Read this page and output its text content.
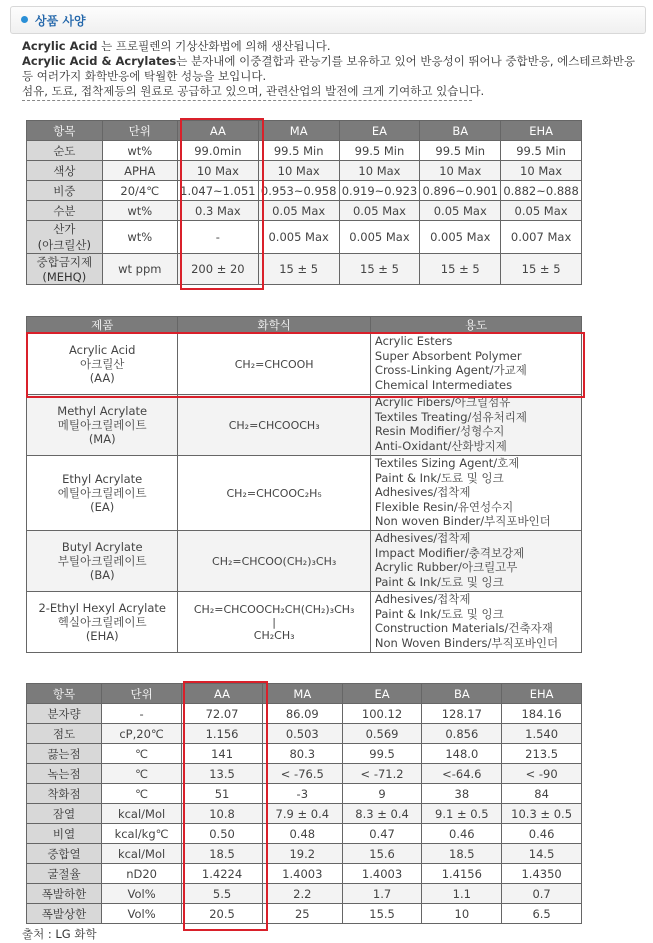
상품 사양

Acrylic Acid 는 프로필렌의 기상산화법에 의해 생산됩니다.

Acrylic Acid & Acrylates는 분자내에 이중결합과 관능기를 보유하고 있어 반응성이 뛰어나 중합반응, 에스테르화반응 등 여러가지 화학반응에 탁월한 성능을 보입니다.

섬유, 도료, 접착제등의 원료로 공급하고 있으며, 관련산업의 발전에 크게 기여하고 있습니다.

항목	단위	AA	MA	EA	BA	EHA
순도	wt%	99.0min	99.5 Min	99.5 Min	99.5 Min	99.5 Min
색상	APHA	10 Max	10 Max	10 Max	10 Max	10 Max
비중	20/4℃	1.047~1.051	0.953~0.958	0.919~0.923	0.896~0.901	0.882~0.888
수분	wt%	0.3 Max	0.05 Max	0.05 Max	0.05 Max	0.05 Max
산가
(아크릴산)	wt%	-	0.005 Max	0.005 Max	0.005 Max	0.007 Max
중합금지제
(MEHQ)	wt ppm	200 ± 20	15 ± 5	15 ± 5	15 ± 5	15 ± 5
제품	화학식	용도
Acrylic Acid
아크릴산
(AA)	CH₂=CHCOOH	Acrylic Esters
Super Absorbent Polymer
Cross-Linking Agent/가교제
Chemical Intermediates
Methyl Acrylate
메틸아크릴레이트
(MA)	CH₂=CHCOOCH₃	Acrylic Fibers/아크릴섬유
Textiles Treating/섬유처리제
Resin Modifier/성형수지
Anti-Oxidant/산화방지제
Ethyl Acrylate
에틸아크릴레이트
(EA)	CH₂=CHCOOC₂H₅	Textiles Sizing Agent/호제
Paint & Ink/도료 및 잉크
Adhesives/접착제
Flexible Resin/유연성수지
Non woven Binder/부직포바인더
Butyl Acrylate
부틸아크릴레이트
(BA)	CH₂=CHCOO(CH₂)₃CH₃	Adhesives/접착제
Impact Modifier/충격보강제
Acrylic Rubber/아크릴고무
Paint & Ink/도료 및 잉크
2-Ethyl Hexyl Acrylate
헥실아크릴레이트
(EHA)	CH₂=CHCOOCH₂CH(CH₂)₃CH₃
|
CH₂CH₃	Adhesives/접착제
Paint & Ink/도료 및 잉크
Construction Materials/건축자재
Non Woven Binders/부직포바인더
항목	단위	AA	MA	EA	BA	EHA
분자량	-	72.07	86.09	100.12	128.17	184.16
점도	cP,20℃	1.156	0.503	0.569	0.856	1.540
끓는점	℃	141	80.3	99.5	148.0	213.5
녹는점	℃	13.5	< -76.5	< -71.2	<-64.6	< -90
착화점	℃	51	-3	9	38	84
잠열	kcal/Mol	10.8	7.9 ± 0.4	8.3 ± 0.4	9.1 ± 0.5	10.3 ± 0.5
비열	kcal/kg℃	0.50	0.48	0.47	0.46	0.46
중합열	kcal/Mol	18.5	19.2	15.6	18.5	14.5
굴절율	nD20	1.4224	1.4003	1.4003	1.4156	1.4350
폭발하한	Vol%	5.5	2.2	1.7	1.1	0.7
폭발상한	Vol%	20.5	25	15.5	10	6.5
출처 : LG 화학
